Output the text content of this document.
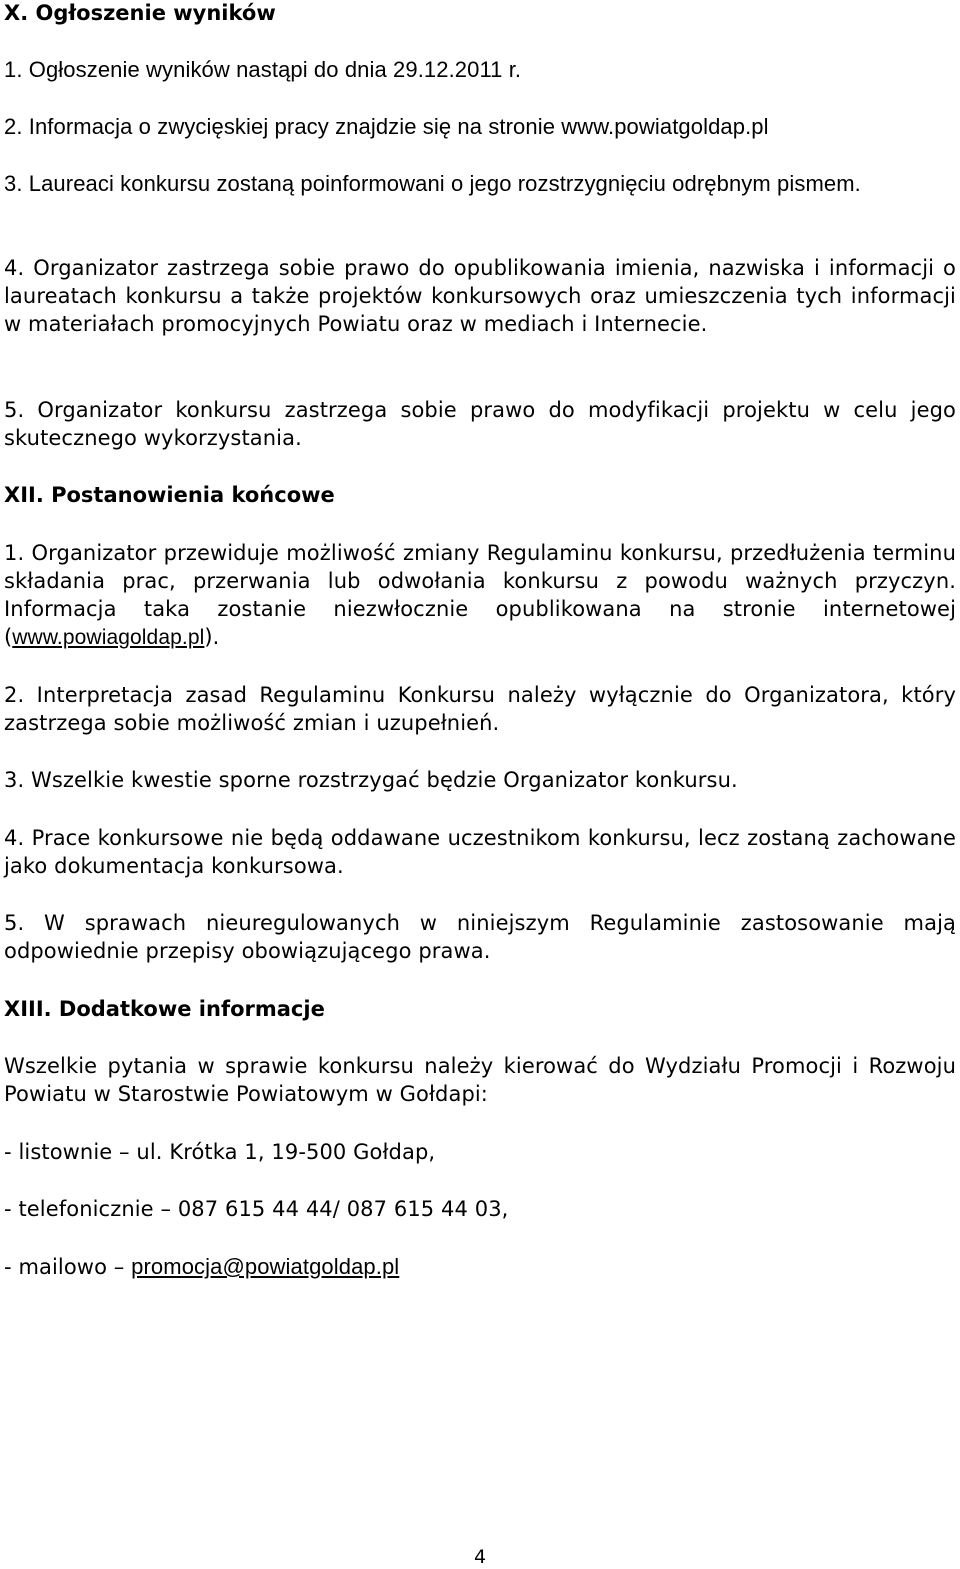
X. Ogłoszenie wyników

1. Ogłoszenie wyników nastąpi do dnia 29.12.2011 r.

2. Informacja o zwycięskiej pracy znajdzie się na stronie www.powiatgoldap.pl

3. Laureaci konkursu zostaną poinformowani o jego rozstrzygnięciu odrębnym pismem.

4. Organizator zastrzega sobie prawo do opublikowania imienia, nazwiska i informacji o laureatach konkursu a także projektów konkursowych oraz umieszczenia tych informacji w materiałach promocyjnych Powiatu oraz w mediach i Internecie.

5. Organizator konkursu zastrzega sobie prawo do modyfikacji projektu w celu jego skutecznego wykorzystania.

XII. Postanowienia końcowe

1. Organizator przewiduje możliwość zmiany Regulaminu konkursu, przedłużenia terminu składania prac, przerwania lub odwołania konkursu z powodu ważnych przyczyn. Informacja taka zostanie niezwłocznie opublikowana na stronie internetowej (www.powiagoldap.pl).

2. Interpretacja zasad Regulaminu Konkursu należy wyłącznie do Organizatora, który zastrzega sobie możliwość zmian i uzupełnień.

3. Wszelkie kwestie sporne rozstrzygać będzie Organizator konkursu.

4. Prace konkursowe nie będą oddawane uczestnikom konkursu, lecz zostaną zachowane jako dokumentacja konkursowa.

5. W sprawach nieuregulowanych w niniejszym Regulaminie zastosowanie mają odpowiednie przepisy obowiązującego prawa.

XIII. Dodatkowe informacje

Wszelkie pytania w sprawie konkursu należy kierować do Wydziału Promocji i Rozwoju Powiatu w Starostwie Powiatowym w Gołdapi:

- listownie – ul. Krótka 1, 19-500 Gołdap,

- telefonicznie – 087 615 44 44/ 087 615 44 03,

- mailowo – promocja@powiatgoldap.pl

4
